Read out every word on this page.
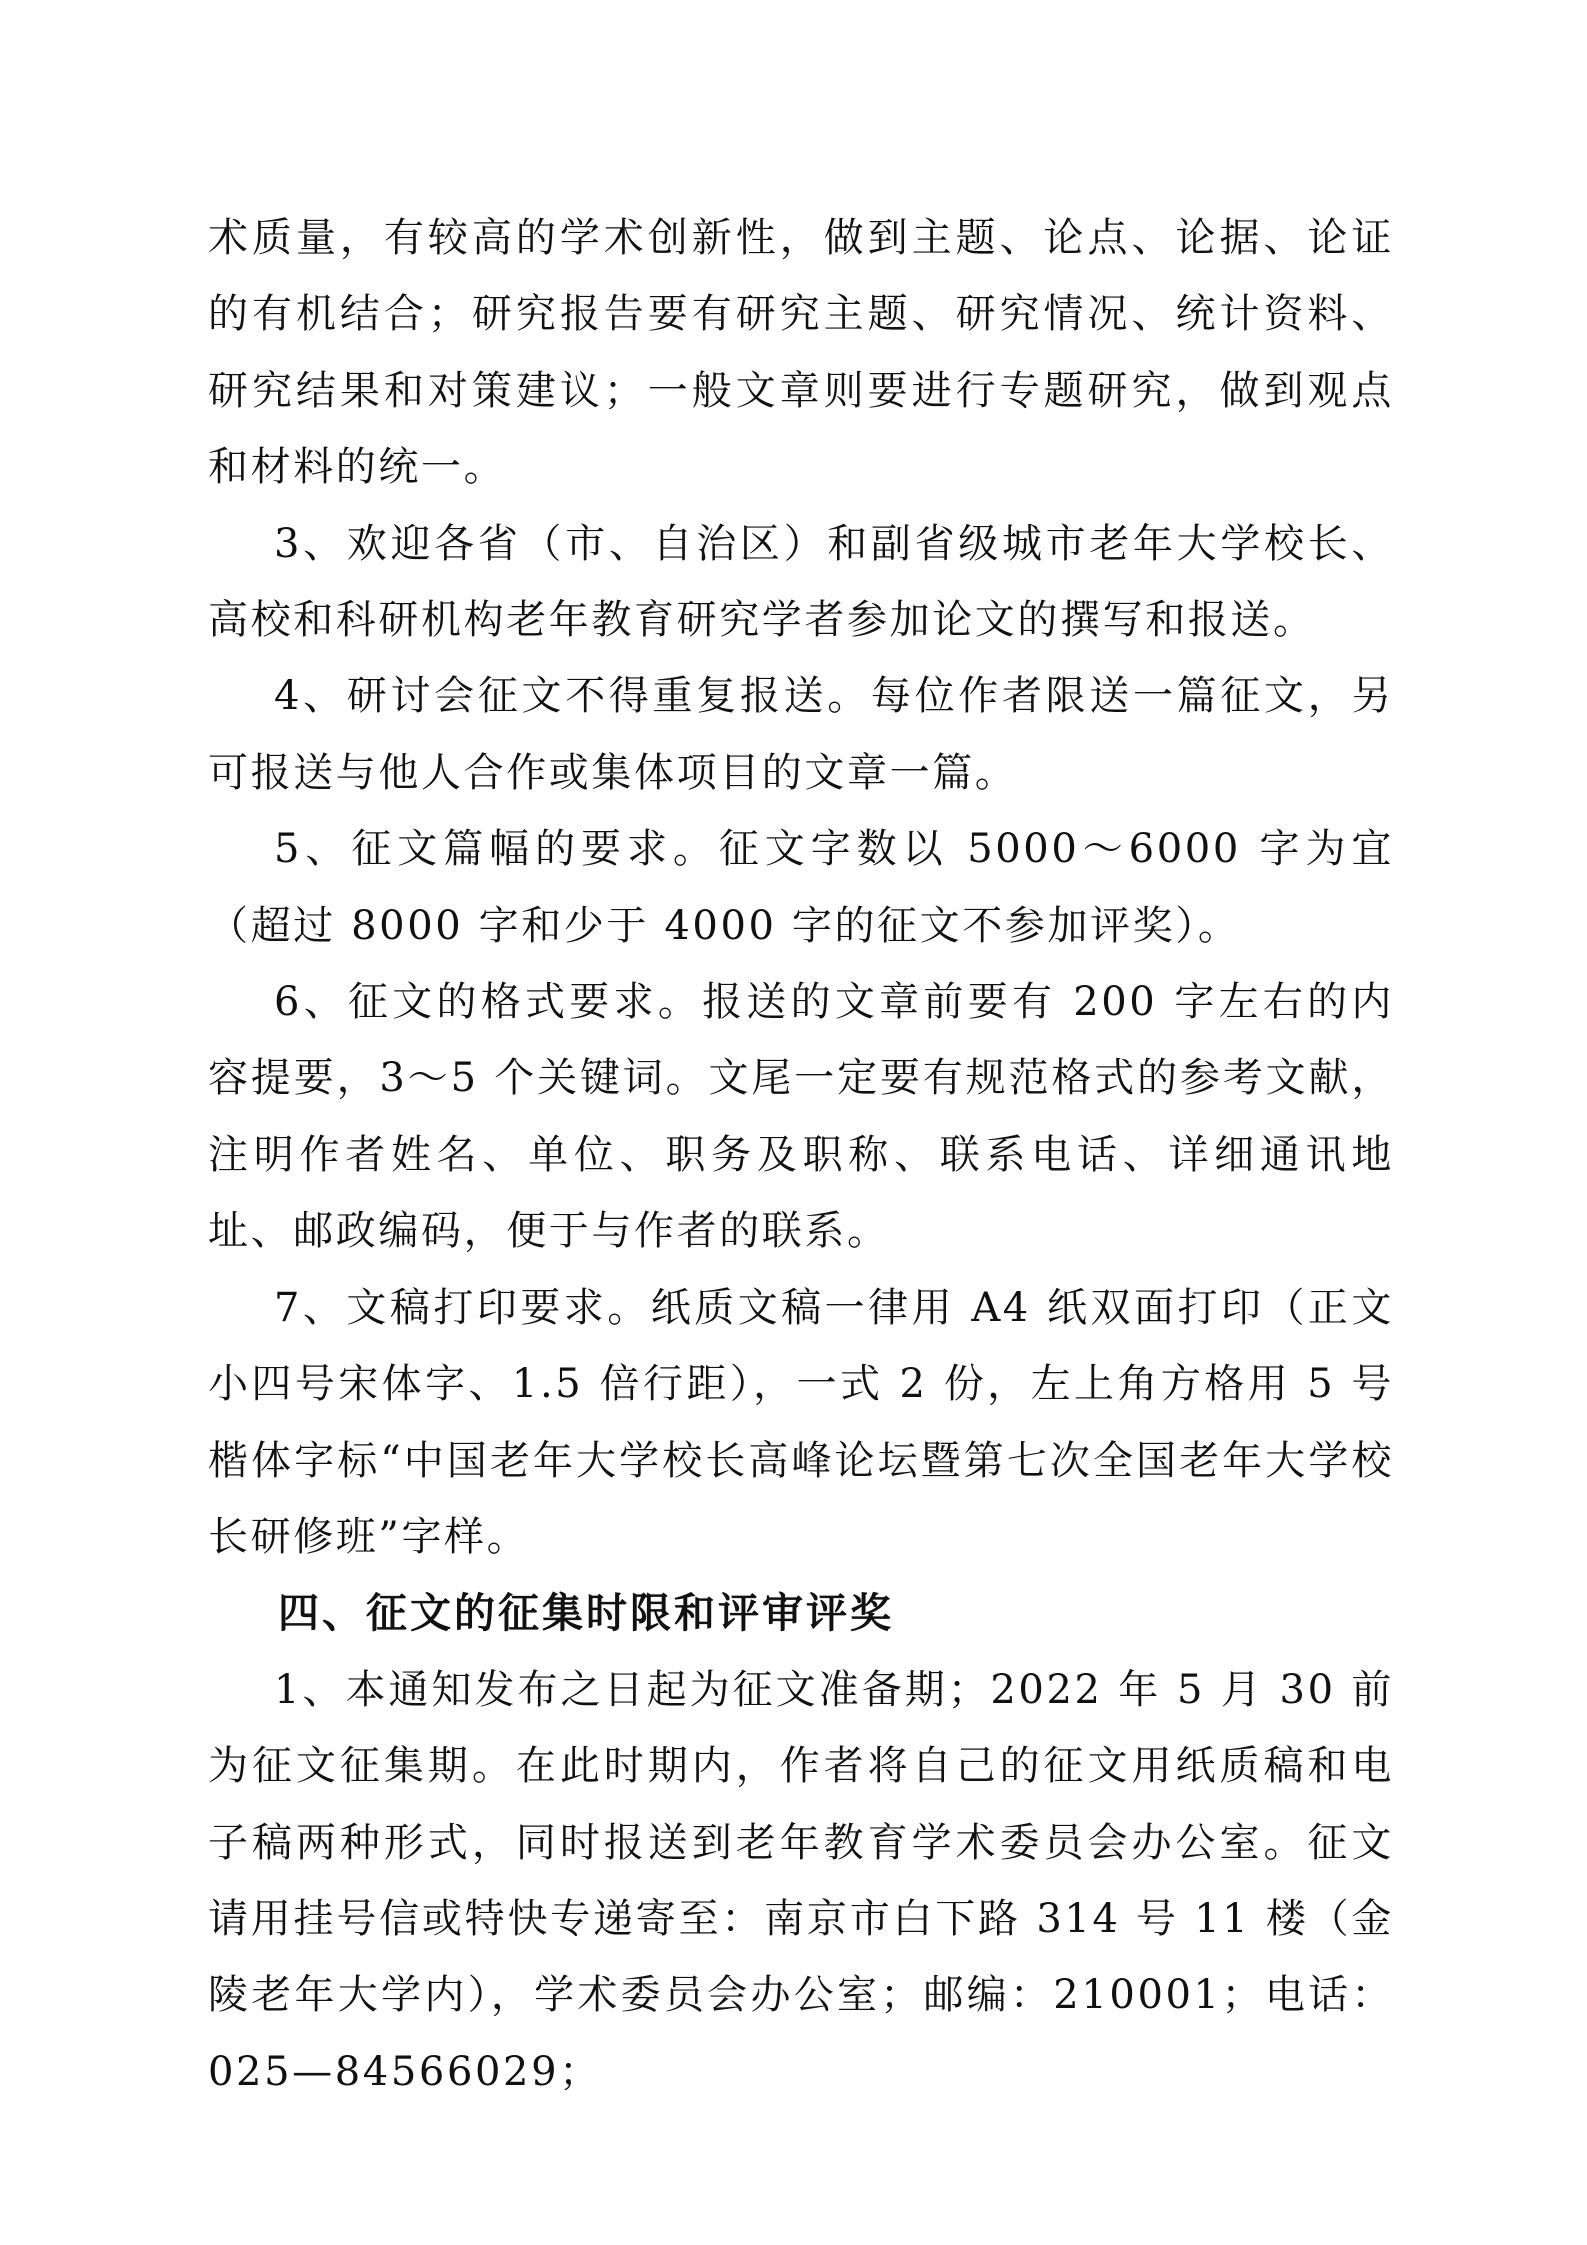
术质量，有较高的学术创新性，做到主题、论点、论据、论证的有机结合；研究报告要有研究主题、研究情况、统计资料、研究结果和对策建议；一般文章则要进行专题研究，做到观点和材料的统一。

3、欢迎各省（市、自治区）和副省级城市老年大学校长、高校和科研机构老年教育研究学者参加论文的撰写和报送。

4、研讨会征文不得重复报送。每位作者限送一篇征文，另可报送与他人合作或集体项目的文章一篇。

5、征文篇幅的要求。征文字数以 5000～6000 字为宜（超过 8000 字和少于 4000 字的征文不参加评奖）。

6、征文的格式要求。报送的文章前要有 200 字左右的内容提要，3～5 个关键词。文尾一定要有规范格式的参考文献，注明作者姓名、单位、职务及职称、联系电话、详细通讯地址、邮政编码，便于与作者的联系。

7、文稿打印要求。纸质文稿一律用 A4 纸双面打印（正文小四号宋体字、1.5 倍行距），一式 2 份，左上角方格用 5 号楷体字标“中国老年大学校长高峰论坛暨第七次全国老年大学校长研修班”字样。

四、征文的征集时限和评审评奖

1、本通知发布之日起为征文准备期；2022 年 5 月 30 前为征文征集期。在此时期内，作者将自己的征文用纸质稿和电子稿两种形式，同时报送到老年教育学术委员会办公室。征文请用挂号信或特快专递寄至：南京市白下路 314 号 11 楼（金陵老年大学内），学术委员会办公室；邮编：210001；电话：025—84566029；
